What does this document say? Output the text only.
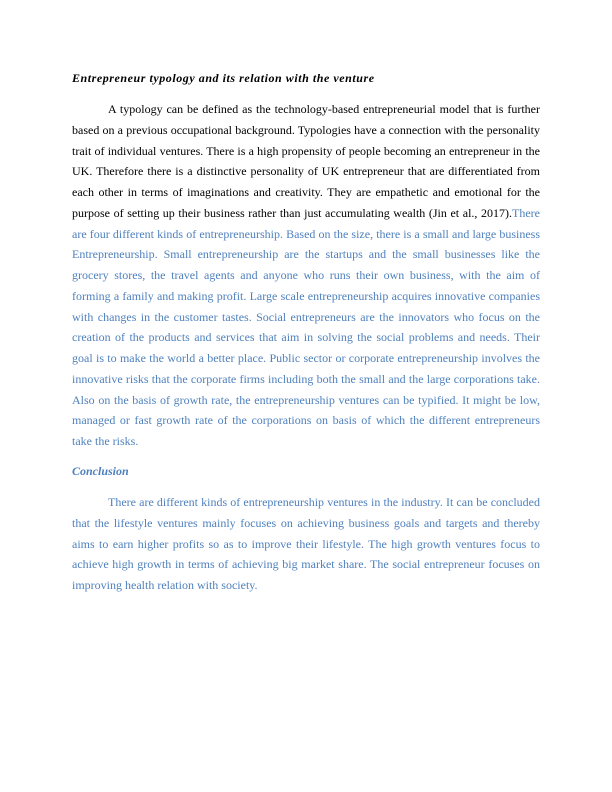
Entrepreneur typology and its relation with the venture

A typology can be defined as the technology-based entrepreneurial model that is further based on a previous occupational background. Typologies have a connection with the personality trait of individual ventures. There is a high propensity of people becoming an entrepreneur in the UK. Therefore there is a distinctive personality of UK entrepreneur that are differentiated from each other in terms of imaginations and creativity. They are empathetic and emotional for the purpose of setting up their business rather than just accumulating wealth (Jin et al., 2017).There are four different kinds of entrepreneurship. Based on the size, there is a small and large business Entrepreneurship. Small entrepreneurship are the startups and the small businesses like the grocery stores, the travel agents and anyone who runs their own business, with the aim of forming a family and making profit. Large scale entrepreneurship acquires innovative companies with changes in the customer tastes. Social entrepreneurs are the innovators who focus on the creation of the products and services that aim in solving the social problems and needs. Their goal is to make the world a better place. Public sector or corporate entrepreneurship involves the innovative risks that the corporate firms including both the small and the large corporations take. Also on the basis of growth rate, the entrepreneurship ventures can be typified. It might be low, managed or fast growth rate of the corporations on basis of which the different entrepreneurs take the risks.

Conclusion

There are different kinds of entrepreneurship ventures in the industry. It can be concluded that the lifestyle ventures mainly focuses on achieving business goals and targets and thereby aims to earn higher profits so as to improve their lifestyle. The high growth ventures focus to achieve high growth in terms of achieving big market share. The social entrepreneur focuses on improving health relation with society.
